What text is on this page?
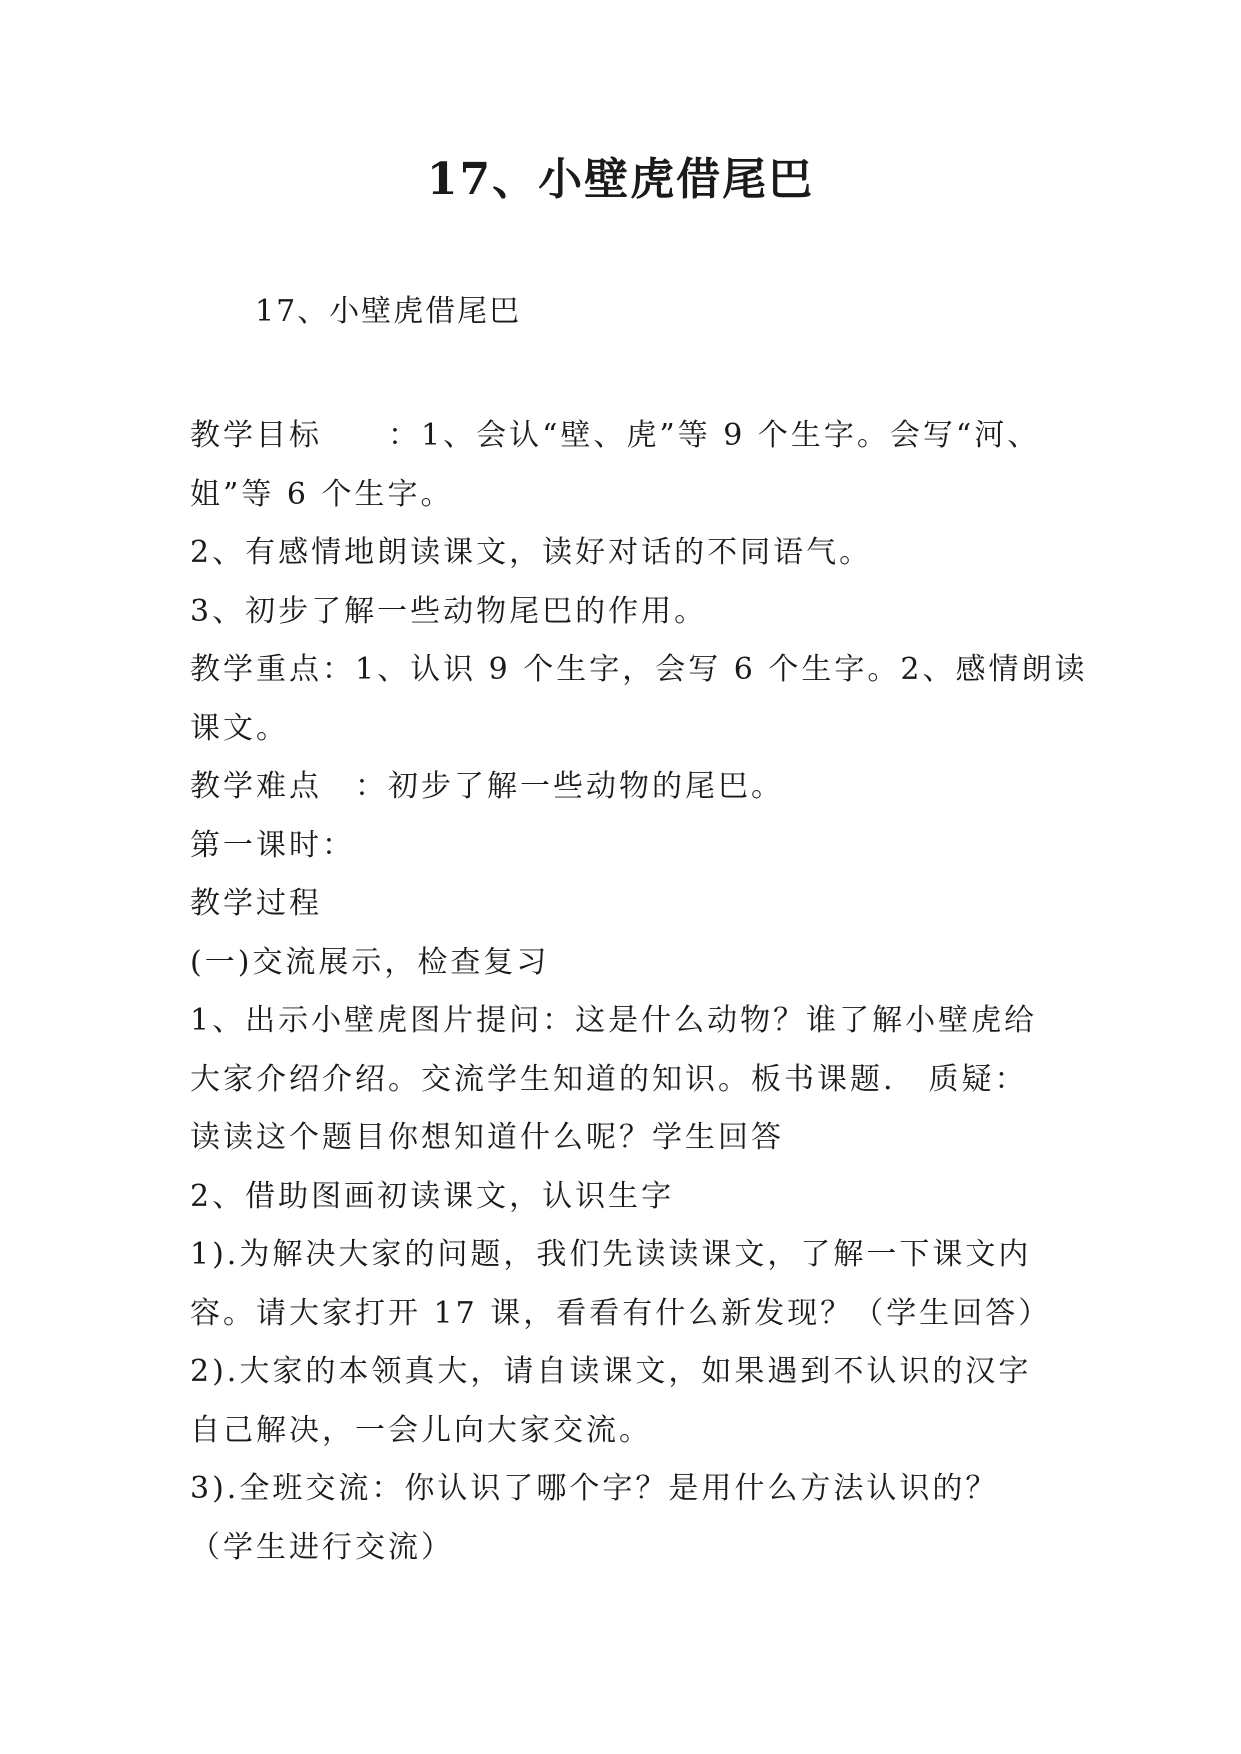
17、小壁虎借尾巴

17、小壁虎借尾巴

教学目标　　：1、会认“壁、虎”等 9 个生字。会写“河、
姐”等 6 个生字。
2、有感情地朗读课文，读好对话的不同语气。
3、初步了解一些动物尾巴的作用。
教学重点：1、认识 9 个生字，会写 6 个生字。2、感情朗读
课文。
教学难点　：初步了解一些动物的尾巴。
第一课时：
教学过程
(一)交流展示，检查复习
1、出示小壁虎图片提问：这是什么动物？谁了解小壁虎给
大家介绍介绍。交流学生知道的知识。板书课题.　质疑：
读读这个题目你想知道什么呢？学生回答
2、借助图画初读课文，认识生字
1).为解决大家的问题，我们先读读课文，了解一下课文内
容。请大家打开 17 课，看看有什么新发现？（学生回答）
2).大家的本领真大，请自读课文，如果遇到不认识的汉字
自己解决，一会儿向大家交流。
3).全班交流：你认识了哪个字？是用什么方法认识的？
（学生进行交流）
